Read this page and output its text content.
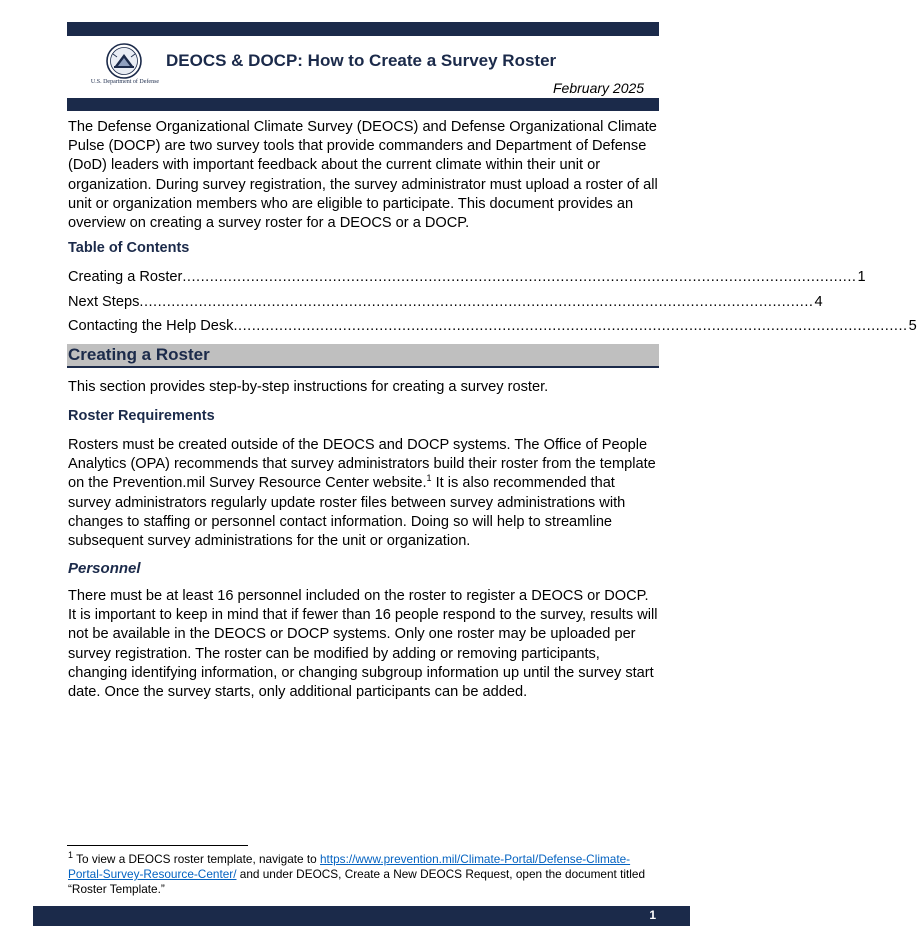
U.S. Department of Defense
DEOCS & DOCP: How to Create a Survey Roster
February 2025
The Defense Organizational Climate Survey (DEOCS) and Defense Organizational Climate Pulse (DOCP) are two survey tools that provide commanders and Department of Defense (DoD) leaders with important feedback about the current climate within their unit or organization. During survey registration, the survey administrator must upload a roster of all unit or organization members who are eligible to participate. This document provides an overview on creating a survey roster for a DEOCS or a DOCP.
Table of Contents
Creating a Roster .................................................................................................................................................... 1
Next Steps .................................................................................................................................................... 4
Contacting the Help Desk .................................................................................................................................................... 5
Creating a Roster
This section provides step-by-step instructions for creating a survey roster.
Roster Requirements
Rosters must be created outside of the DEOCS and DOCP systems. The Office of People Analytics (OPA) recommends that survey administrators build their roster from the template on the Prevention.mil Survey Resource Center website.$^1$ It is also recommended that survey administrators regularly update roster files between survey administrations with changes to staffing or personnel contact information. Doing so will help to streamline subsequent survey administrations for the unit or organization.
Personnel
There must be at least 16 personnel included on the roster to register a DEOCS or DOCP. It is important to keep in mind that if fewer than 16 people respond to the survey, results will not be available in the DEOCS or DOCP systems. Only one roster may be uploaded per survey registration. The roster can be modified by adding or removing participants, changing identifying information, or changing subgroup information up until the survey start date. Once the survey starts, only additional participants can be added.
$^1$ To view a DEOCS roster template, navigate to https://www.prevention.mil/Climate-Portal/Defense-Climate-Portal-Survey-Resource-Center/ and under DEOCS, Create a New DEOCS Request, open the document titled “Roster Template.”
1
